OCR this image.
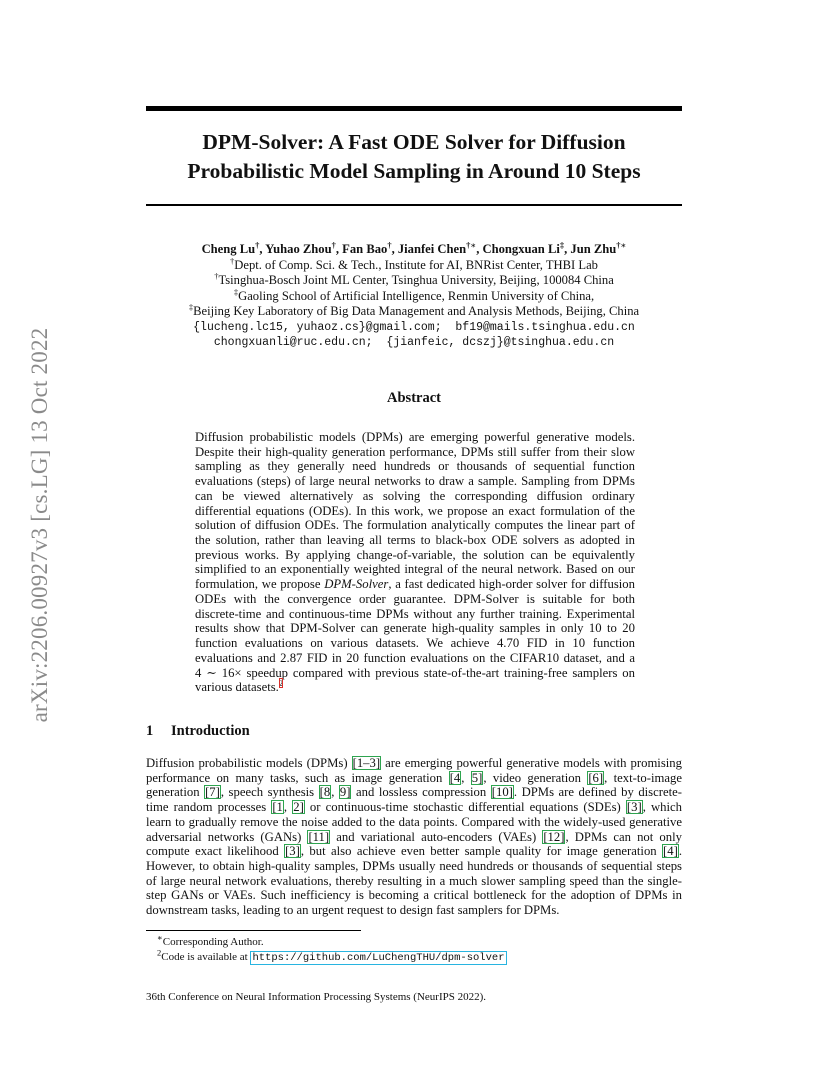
arXiv:2206.00927v3 [cs.LG] 13 Oct 2022
DPM-Solver: A Fast ODE Solver for Diffusion
Probabilistic Model Sampling in Around 10 Steps
Cheng Lu†, Yuhao Zhou†, Fan Bao†, Jianfei Chen†∗, Chongxuan Li‡, Jun Zhu†∗
†Dept. of Comp. Sci. & Tech., Institute for AI, BNRist Center, THBI Lab
†Tsinghua-Bosch Joint ML Center, Tsinghua University, Beijing, 100084 China
‡Gaoling School of Artificial Intelligence, Renmin University of China,
‡Beijing Key Laboratory of Big Data Management and Analysis Methods, Beijing, China
{lucheng.lc15, yuhaoz.cs}@gmail.com;  bf19@mails.tsinghua.edu.cn
chongxuanli@ruc.edu.cn;  {jianfeic, dcszj}@tsinghua.edu.cn
Abstract
Diffusion probabilistic models (DPMs) are emerging powerful generative models. Despite their high-quality generation performance, DPMs still suffer from their slow sampling as they generally need hundreds or thousands of sequential function evaluations (steps) of large neural networks to draw a sample. Sampling from DPMs can be viewed alternatively as solving the corresponding diffusion ordinary differential equations (ODEs). In this work, we propose an exact formulation of the solution of diffusion ODEs. The formulation analytically computes the linear part of the solution, rather than leaving all terms to black-box ODE solvers as adopted in previous works. By applying change-of-variable, the solution can be equivalently simplified to an exponentially weighted integral of the neural network. Based on our formulation, we propose DPM-Solver, a fast dedicated high-order solver for diffusion ODEs with the convergence order guarantee. DPM-Solver is suitable for both discrete-time and continuous-time DPMs without any further training. Experimental results show that DPM-Solver can generate high-quality samples in only 10 to 20 function evaluations on various datasets. We achieve 4.70 FID in 10 function evaluations and 2.87 FID in 20 function evaluations on the CIFAR10 dataset, and a 4 ∼ 16× speedup compared with previous state-of-the-art training-free samplers on various datasets.$^2$
1 Introduction
Diffusion probabilistic models (DPMs) [1–3] are emerging powerful generative models with promising performance on many tasks, such as image generation [4, 5], video generation [6], text-to-image generation [7], speech synthesis [8, 9] and lossless compression [10]. DPMs are defined by discrete-time random processes [1, 2] or continuous-time stochastic differential equations (SDEs) [3], which learn to gradually remove the noise added to the data points. Compared with the widely-used generative adversarial networks (GANs) [11] and variational auto-encoders (VAEs) [12], DPMs can not only compute exact likelihood [3], but also achieve even better sample quality for image generation [4]. However, to obtain high-quality samples, DPMs usually need hundreds or thousands of sequential steps of large neural network evaluations, thereby resulting in a much slower sampling speed than the single-step GANs or VAEs. Such inefficiency is becoming a critical bottleneck for the adoption of DPMs in downstream tasks, leading to an urgent request to design fast samplers for DPMs.
∗Corresponding Author.
$^2$Code is available at https://github.com/LuChengTHU/dpm-solver
36th Conference on Neural Information Processing Systems (NeurIPS 2022).
